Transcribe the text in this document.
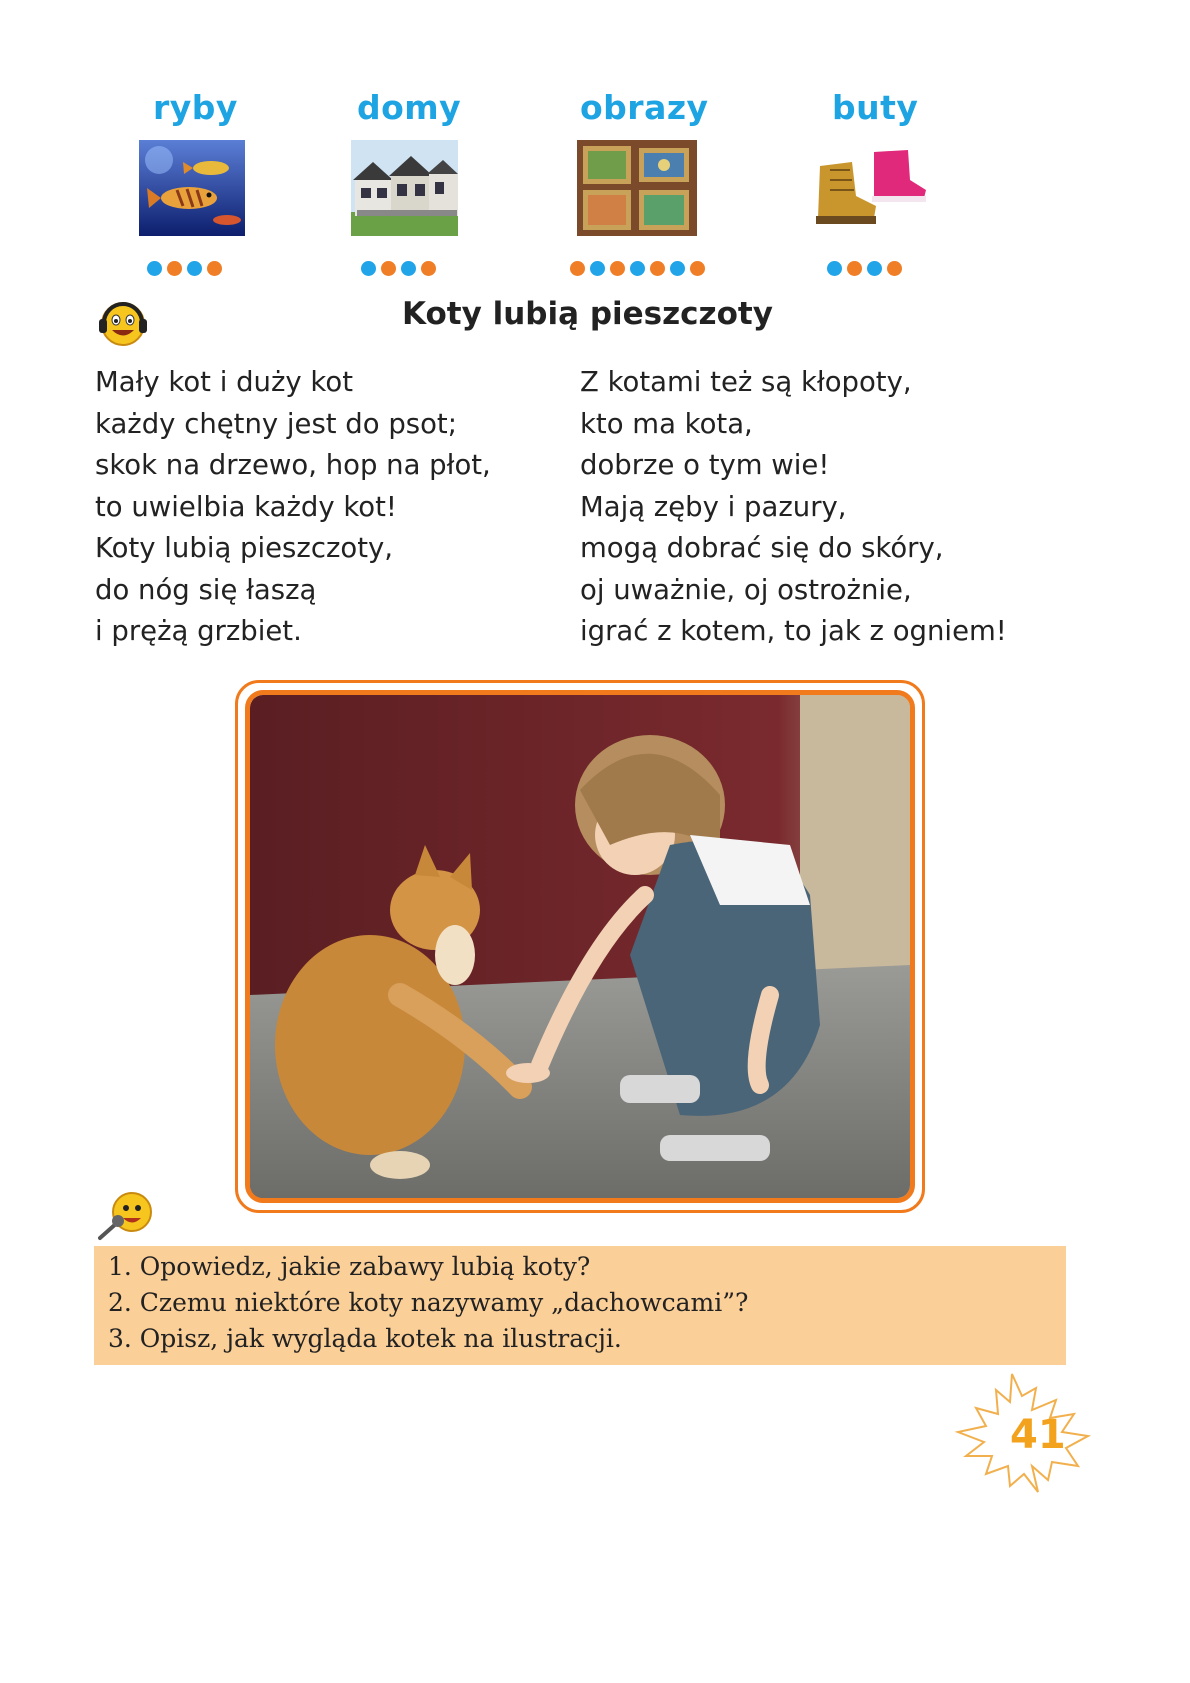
ryby	domy	obrazy	buty
Koty lubią pieszczoty
Mały kot i duży kot
każdy chętny jest do psot;
skok na drzewo, hop na płot,
to uwielbia każdy kot!
Koty lubią pieszczoty,
do nóg się łaszą
i prężą grzbiet.
Z kotami też są kłopoty,
kto ma kota,
dobrze o tym wie!
Mają zęby i pazury,
mogą dobrać się do skóry,
oj uważnie, oj ostrożnie,
igrać z kotem, to jak z ogniem!
1. Opowiedz, jakie zabawy lubią koty?
2. Czemu niektóre koty nazywamy „dachowcami”?
3. Opisz, jak wygląda kotek na ilustracji.
41
